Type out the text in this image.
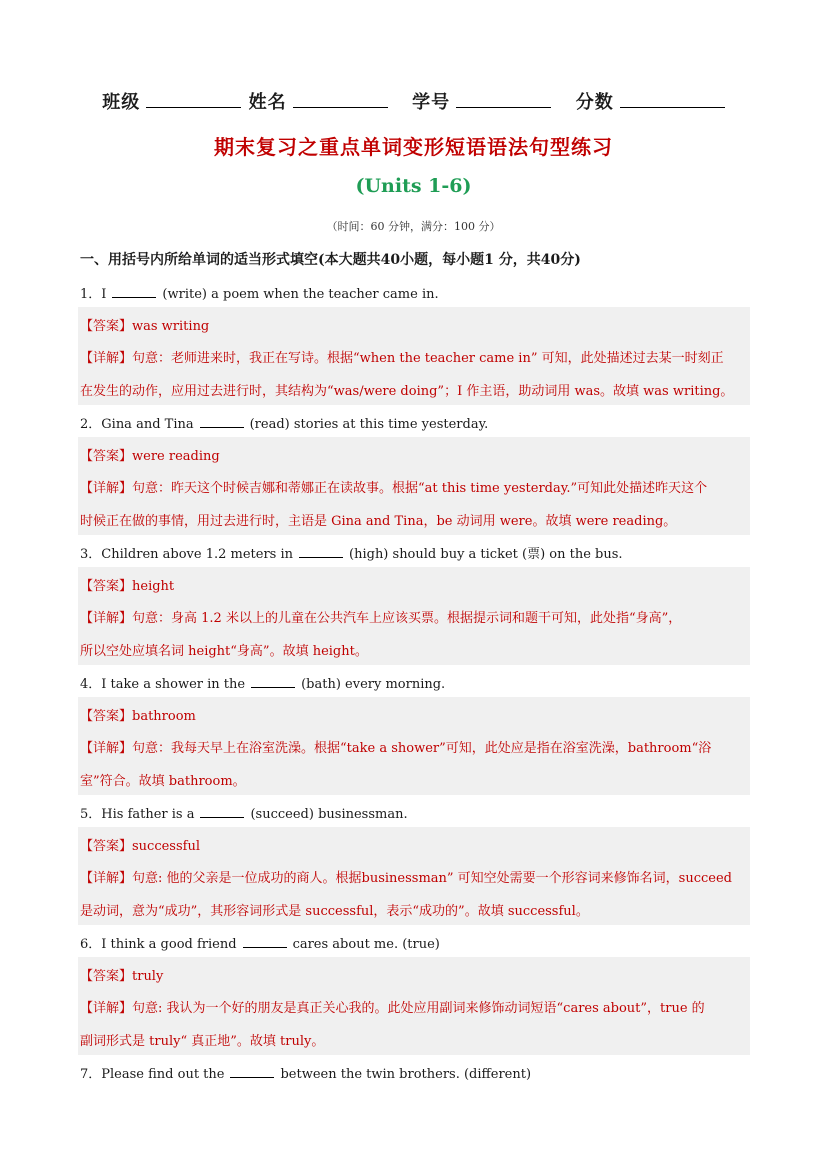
班级	姓名	学号	分数
期末复习之重点单词变形短语语法句型练习
(Units 1-6)
（时间：60 分钟，满分：100 分）
一、用括号内所给单词的适当形式填空(本大题共40小题，每小题1 分，共40分)
1．I	(write) a poem when the teacher came in.
【答案】was writing
【详解】句意：老师进来时，我正在写诗。根据“when the teacher came in” 可知，此处描述过去某一时刻正
在发生的动作，应用过去进行时，其结构为“was/were doing”；I 作主语，助动词用 was。故填 was writing。
2．Gina and Tina	(read) stories at this time yesterday.
【答案】were reading
【详解】句意：昨天这个时候吉娜和蒂娜正在读故事。根据“at this time yesterday.”可知此处描述昨天这个
时候正在做的事情，用过去进行时，主语是 Gina and Tina，be 动词用 were。故填 were reading。
3．Children above 1.2 meters in	(high) should buy a ticket (票) on the bus.
【答案】height
【详解】句意：身高 1.2 米以上的儿童在公共汽车上应该买票。根据提示词和题干可知，此处指“身高”，
所以空处应填名词 height“身高”。故填 height。
4．I take a shower in the	(bath) every morning.
【答案】bathroom
【详解】句意：我每天早上在浴室洗澡。根据“take a shower”可知，此处应是指在浴室洗澡，bathroom“浴
室”符合。故填 bathroom。
5．His father is a	(succeed) businessman.
【答案】successful
【详解】句意: 他的父亲是一位成功的商人。根据businessman” 可知空处需要一个形容词来修饰名词，succeed
是动词，意为“成功”，其形容词形式是 successful，表示“成功的”。故填 successful。
6．I think a good friend	cares about me. (true)
【答案】truly
【详解】句意: 我认为一个好的朋友是真正关心我的。此处应用副词来修饰动词短语“cares about”，true 的
副词形式是 truly“ 真正地”。故填 truly。
7．Please find out the	between the twin brothers. (different)
